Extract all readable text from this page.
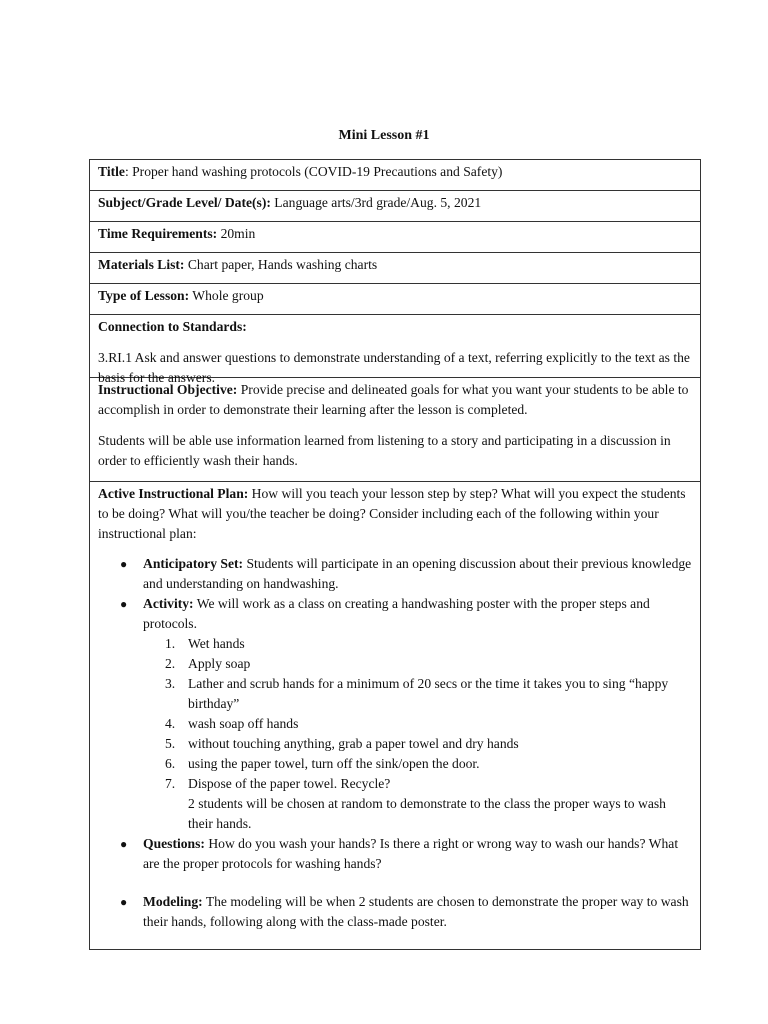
Mini Lesson #1
Title: Proper hand washing protocols (COVID-19 Precautions and Safety)
Subject/Grade Level/ Date(s): Language arts/3rd grade/Aug. 5, 2021
Time Requirements: 20min
Materials List: Chart paper, Hands washing charts
Type of Lesson: Whole group

Connection to Standards:

3.RI.1 Ask and answer questions to demonstrate understanding of a text, referring explicitly to the text as the basis for the answers.

Instructional Objective: Provide precise and delineated goals for what you want your students to be able to accomplish in order to demonstrate their learning after the lesson is completed.

Students will be able use information learned from listening to a story and participating in a discussion in order to efficiently wash their hands.

Active Instructional Plan: How will you teach your lesson step by step? What will you expect the students to be doing? What will you/the teacher be doing? Consider including each of the following within your instructional plan:

● Anticipatory Set: Students will participate in an opening discussion about their previous knowledge and understanding on handwashing.
● Activity: We will work as a class on creating a handwashing poster with the proper steps and protocols.
1. Wet hands
2. Apply soap
3. Lather and scrub hands for a minimum of 20 secs or the time it takes you to sing “happy birthday”
4. wash soap off hands
5. without touching anything, grab a paper towel and dry hands
6. using the paper towel, turn off the sink/open the door.
7. Dispose of the paper towel. Recycle?
2 students will be chosen at random to demonstrate to the class the proper ways to wash their hands.
● Questions: How do you wash your hands? Is there a right or wrong way to wash our hands? What are the proper protocols for washing hands?
● Modeling: The modeling will be when 2 students are chosen to demonstrate the proper way to wash their hands, following along with the class-made poster.
